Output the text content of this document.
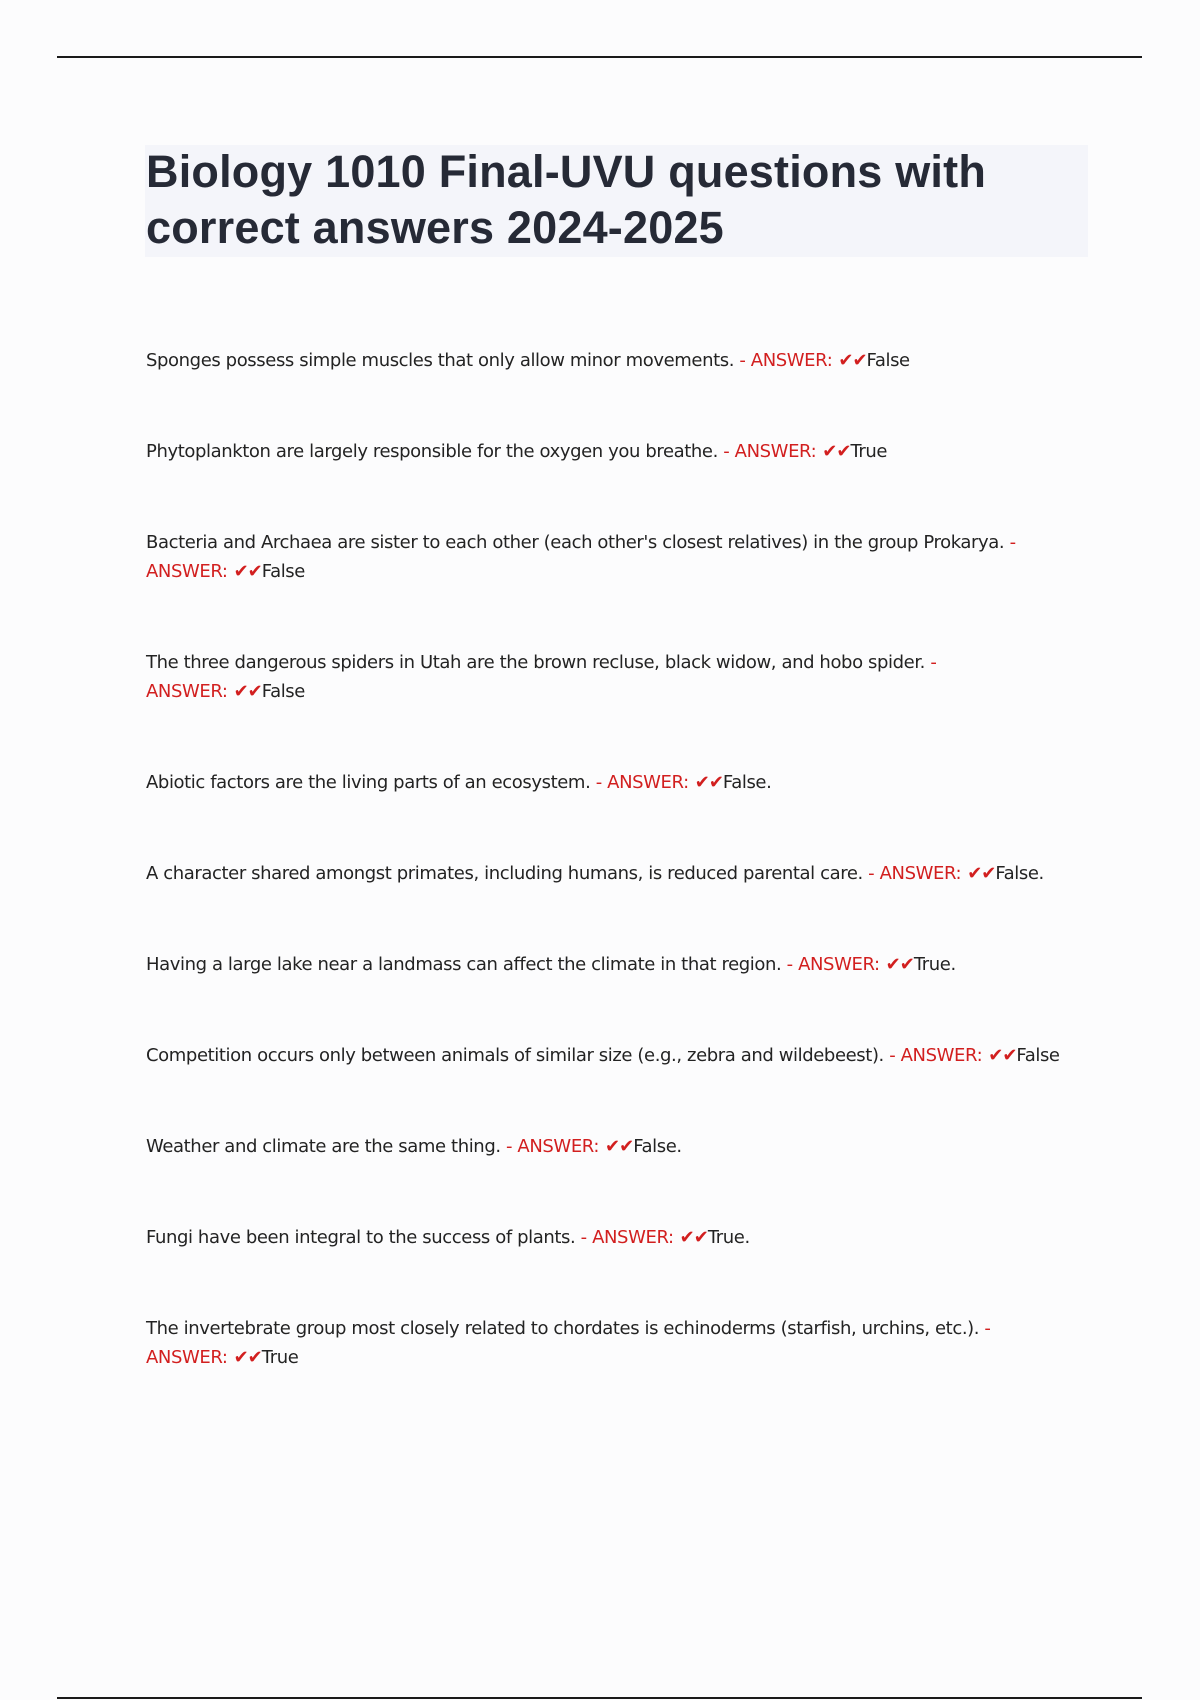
Biology 1010 Final-UVU questions with correct answers 2024-2025

Sponges possess simple muscles that only allow minor movements. - ANSWER: ✔✔False

Phytoplankton are largely responsible for the oxygen you breathe. - ANSWER: ✔✔True

Bacteria and Archaea are sister to each other (each other's closest relatives) in the group Prokarya. - ANSWER: ✔✔False

The three dangerous spiders in Utah are the brown recluse, black widow, and hobo spider. - ANSWER: ✔✔False

Abiotic factors are the living parts of an ecosystem. - ANSWER: ✔✔False.

A character shared amongst primates, including humans, is reduced parental care. - ANSWER: ✔✔False.

Having a large lake near a landmass can affect the climate in that region. - ANSWER: ✔✔True.

Competition occurs only between animals of similar size (e.g., zebra and wildebeest). - ANSWER: ✔✔False

Weather and climate are the same thing. - ANSWER: ✔✔False.

Fungi have been integral to the success of plants. - ANSWER: ✔✔True.

The invertebrate group most closely related to chordates is echinoderms (starfish, urchins, etc.). - ANSWER: ✔✔True
